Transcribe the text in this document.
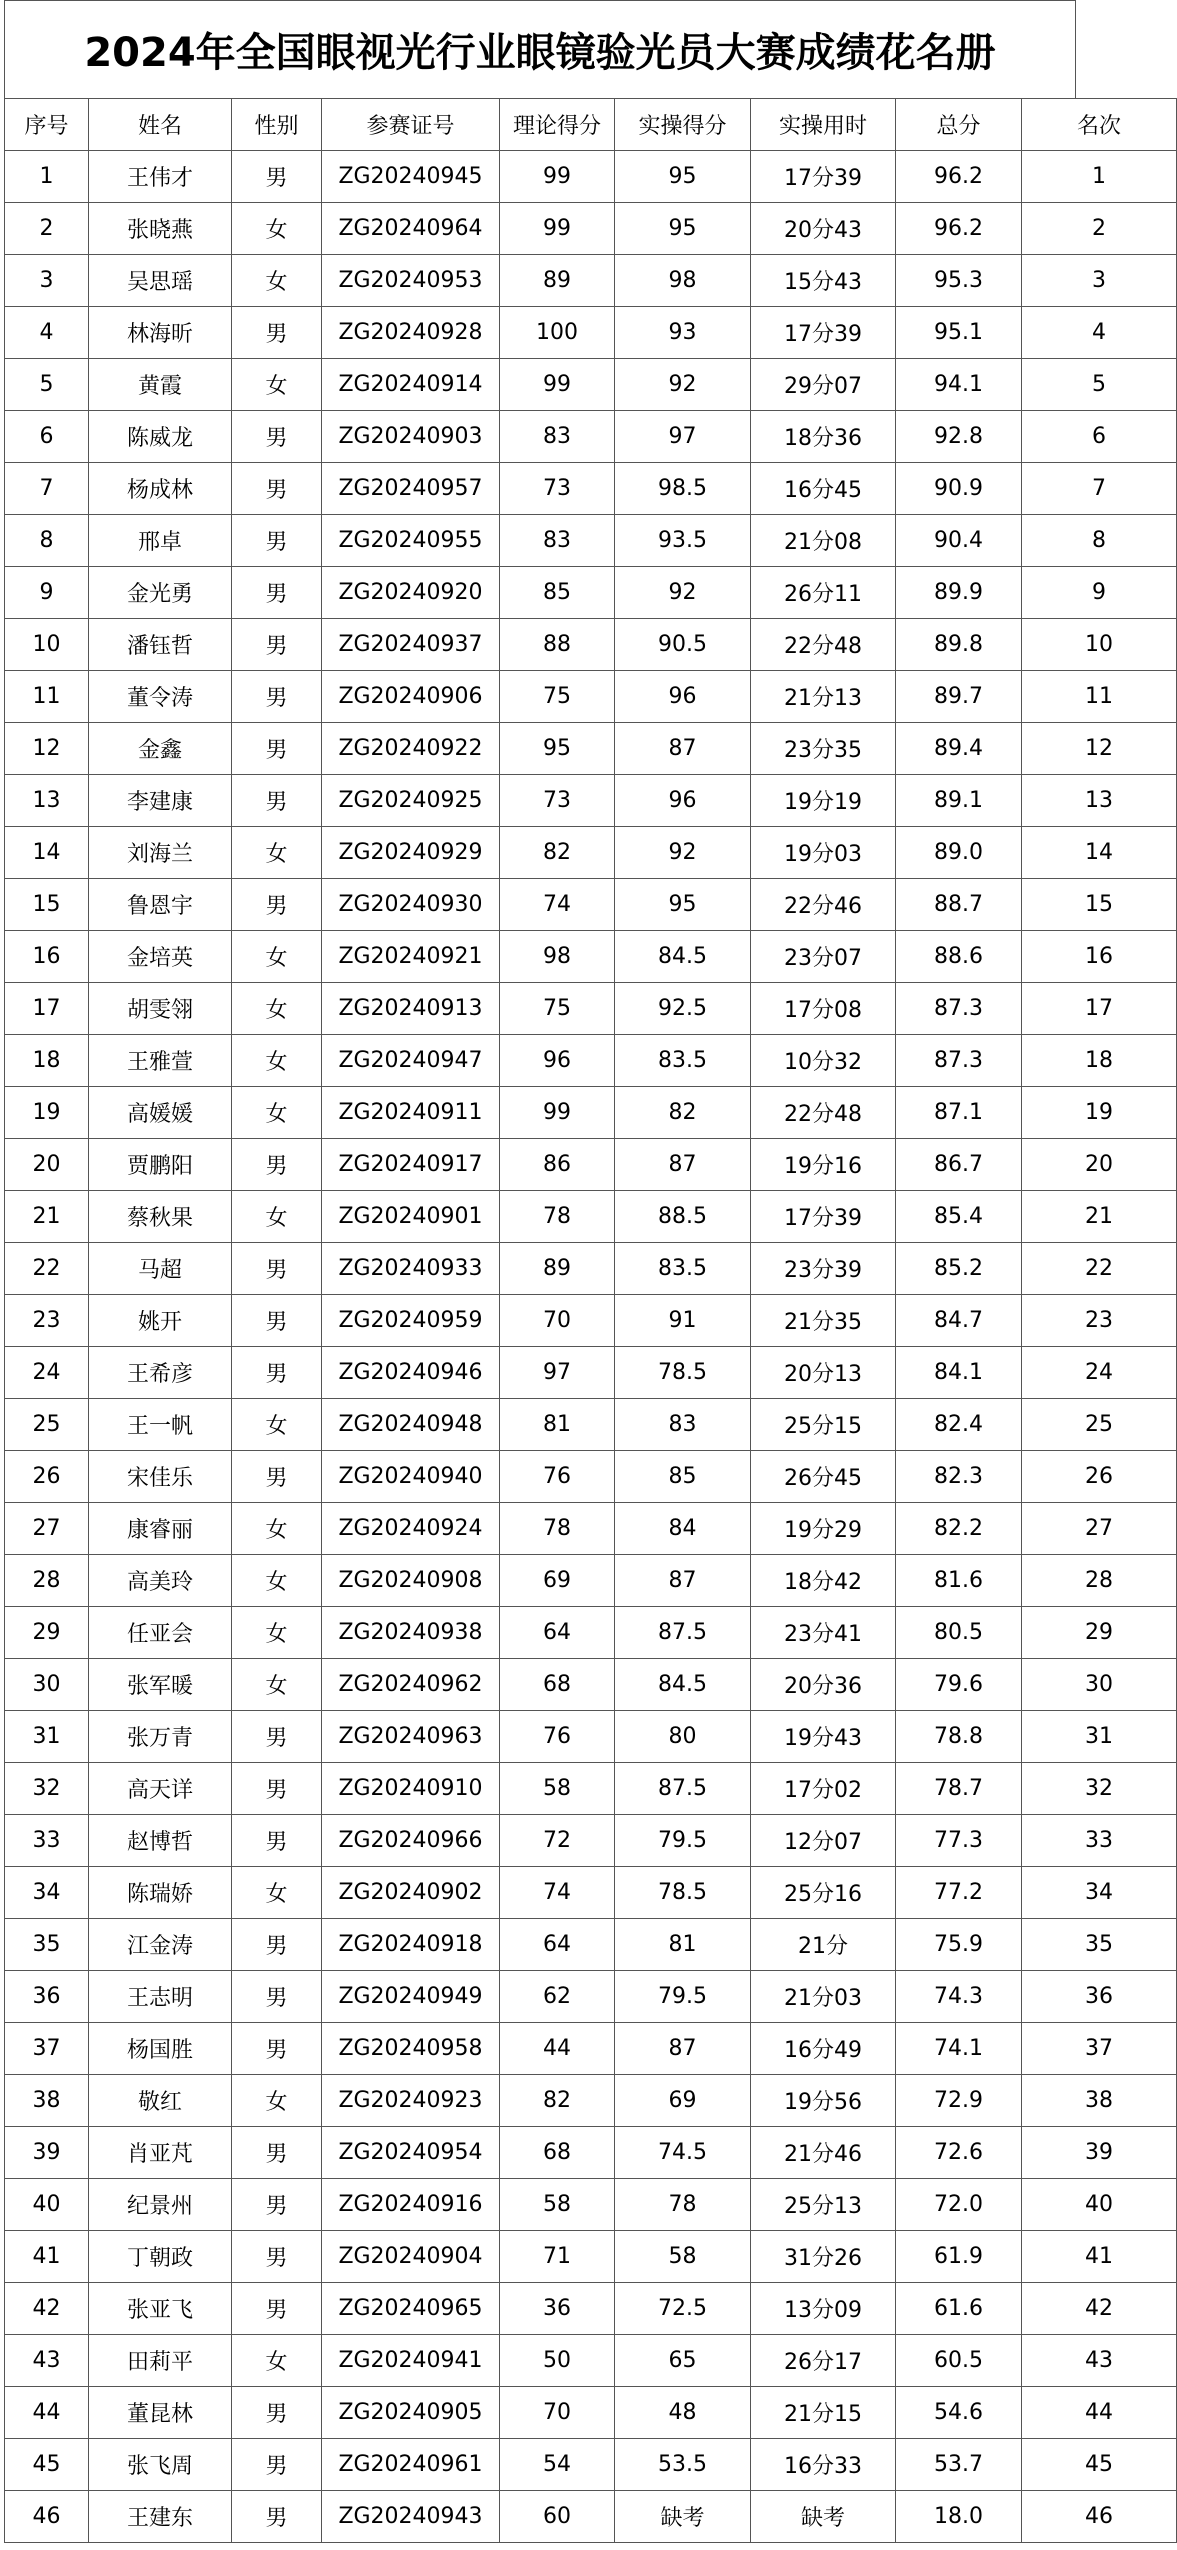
2024年全国眼视光行业眼镜验光员大赛成绩花名册
序号	姓名	性别	参赛证号	理论得分	实操得分	实操用时	总分	名次
1	王伟才	男	ZG20240945	99	95	17分39	96.2	1
2	张晓燕	女	ZG20240964	99	95	20分43	96.2	2
3	吴思瑶	女	ZG20240953	89	98	15分43	95.3	3
4	林海昕	男	ZG20240928	100	93	17分39	95.1	4
5	黄霞	女	ZG20240914	99	92	29分07	94.1	5
6	陈威龙	男	ZG20240903	83	97	18分36	92.8	6
7	杨成林	男	ZG20240957	73	98.5	16分45	90.9	7
8	邢卓	男	ZG20240955	83	93.5	21分08	90.4	8
9	金光勇	男	ZG20240920	85	92	26分11	89.9	9
10	潘钰哲	男	ZG20240937	88	90.5	22分48	89.8	10
11	董令涛	男	ZG20240906	75	96	21分13	89.7	11
12	金鑫	男	ZG20240922	95	87	23分35	89.4	12
13	李建康	男	ZG20240925	73	96	19分19	89.1	13
14	刘海兰	女	ZG20240929	82	92	19分03	89.0	14
15	鲁恩宇	男	ZG20240930	74	95	22分46	88.7	15
16	金培英	女	ZG20240921	98	84.5	23分07	88.6	16
17	胡雯翎	女	ZG20240913	75	92.5	17分08	87.3	17
18	王雅萱	女	ZG20240947	96	83.5	10分32	87.3	18
19	高媛媛	女	ZG20240911	99	82	22分48	87.1	19
20	贾鹏阳	男	ZG20240917	86	87	19分16	86.7	20
21	蔡秋果	女	ZG20240901	78	88.5	17分39	85.4	21
22	马超	男	ZG20240933	89	83.5	23分39	85.2	22
23	姚开	男	ZG20240959	70	91	21分35	84.7	23
24	王希彦	男	ZG20240946	97	78.5	20分13	84.1	24
25	王一帆	女	ZG20240948	81	83	25分15	82.4	25
26	宋佳乐	男	ZG20240940	76	85	26分45	82.3	26
27	康睿丽	女	ZG20240924	78	84	19分29	82.2	27
28	高美玲	女	ZG20240908	69	87	18分42	81.6	28
29	任亚会	女	ZG20240938	64	87.5	23分41	80.5	29
30	张军暖	女	ZG20240962	68	84.5	20分36	79.6	30
31	张万青	男	ZG20240963	76	80	19分43	78.8	31
32	高天详	男	ZG20240910	58	87.5	17分02	78.7	32
33	赵博哲	男	ZG20240966	72	79.5	12分07	77.3	33
34	陈瑞娇	女	ZG20240902	74	78.5	25分16	77.2	34
35	江金涛	男	ZG20240918	64	81	21分	75.9	35
36	王志明	男	ZG20240949	62	79.5	21分03	74.3	36
37	杨国胜	男	ZG20240958	44	87	16分49	74.1	37
38	敬红	女	ZG20240923	82	69	19分56	72.9	38
39	肖亚芃	男	ZG20240954	68	74.5	21分46	72.6	39
40	纪景州	男	ZG20240916	58	78	25分13	72.0	40
41	丁朝政	男	ZG20240904	71	58	31分26	61.9	41
42	张亚飞	男	ZG20240965	36	72.5	13分09	61.6	42
43	田莉平	女	ZG20240941	50	65	26分17	60.5	43
44	董昆林	男	ZG20240905	70	48	21分15	54.6	44
45	张飞周	男	ZG20240961	54	53.5	16分33	53.7	45
46	王建东	男	ZG20240943	60	缺考	缺考	18.0	46
